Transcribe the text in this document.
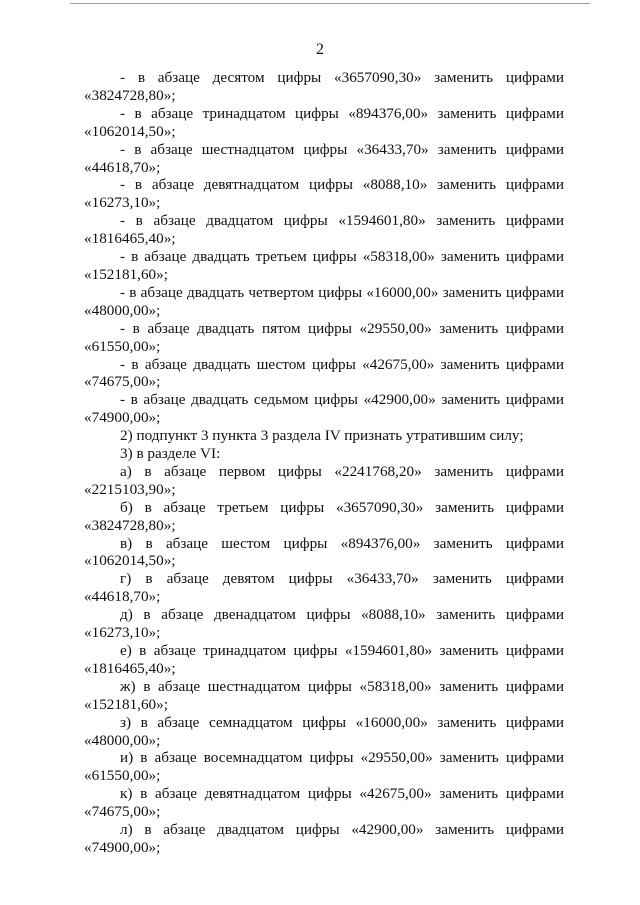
2

- в абзаце десятом цифры «3657090,30» заменить цифрами
«3824728,80»;

- в абзаце тринадцатом цифры «894376,00» заменить цифрами
«1062014,50»;

- в абзаце шестнадцатом цифры «36433,70» заменить цифрами
«44618,70»;

- в абзаце девятнадцатом цифры «8088,10» заменить цифрами
«16273,10»;

- в абзаце двадцатом цифры «1594601,80» заменить цифрами
«1816465,40»;

- в абзаце двадцать третьем цифры «58318,00» заменить цифрами
«152181,60»;

- в абзаце двадцать четвертом цифры «16000,00» заменить цифрами
«48000,00»;

- в абзаце двадцать пятом цифры «29550,00» заменить цифрами
«61550,00»;

- в абзаце двадцать шестом цифры «42675,00» заменить цифрами
«74675,00»;

- в абзаце двадцать седьмом цифры «42900,00» заменить цифрами
«74900,00»;

2) подпункт 3 пункта 3 раздела IV признать утратившим силу;

3) в разделе VI:

а) в абзаце первом цифры «2241768,20» заменить цифрами
«2215103,90»;

б) в абзаце третьем цифры «3657090,30» заменить цифрами
«3824728,80»;

в) в абзаце шестом цифры «894376,00» заменить цифрами
«1062014,50»;

г) в абзаце девятом цифры «36433,70» заменить цифрами
«44618,70»;

д) в абзаце двенадцатом цифры «8088,10» заменить цифрами
«16273,10»;

е) в абзаце тринадцатом цифры «1594601,80» заменить цифрами
«1816465,40»;

ж) в абзаце шестнадцатом цифры «58318,00» заменить цифрами
«152181,60»;

з) в абзаце семнадцатом цифры «16000,00» заменить цифрами
«48000,00»;

и) в абзаце восемнадцатом цифры «29550,00» заменить цифрами
«61550,00»;

к) в абзаце девятнадцатом цифры «42675,00» заменить цифрами
«74675,00»;

л) в абзаце двадцатом цифры «42900,00» заменить цифрами
«74900,00»;
